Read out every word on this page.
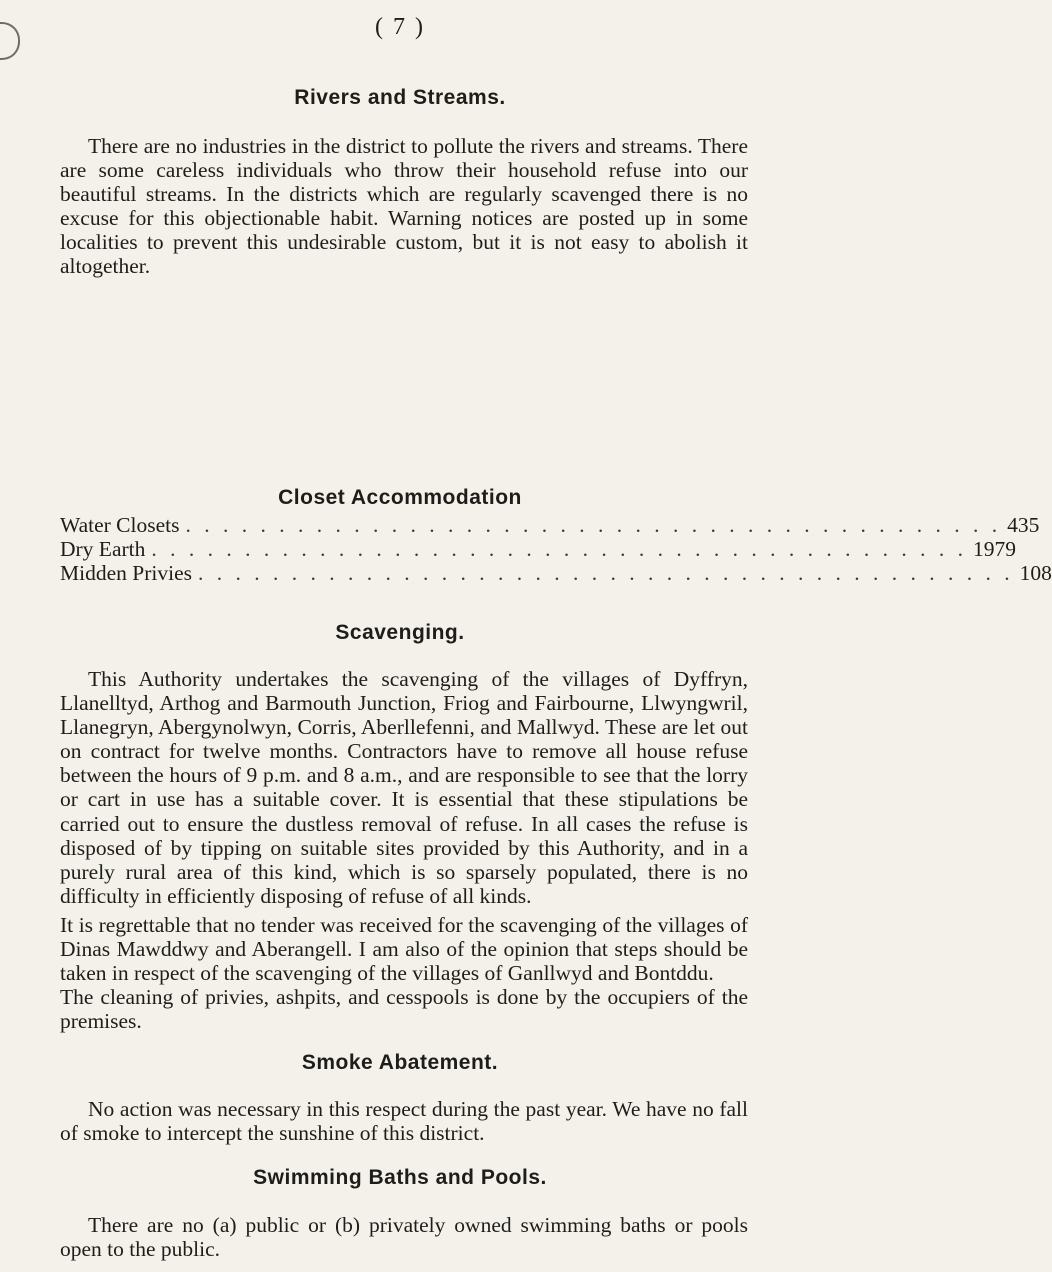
( 7 )
Rivers and Streams.

There are no industries in the district to pollute the rivers and streams. There are some careless individuals who throw their household refuse into our beautiful streams. In the districts which are regularly scavenged there is no excuse for this objectionable habit. Warning notices are posted up in some localities to prevent this undesirable custom, but it is not easy to abolish it altogether.

Closet Accommodation
Water Closets . . . . . . . . . . . . . . . . . . . . . . . . . . . . . . . . . . . . . . . . . . . . 435
Dry Earth . . . . . . . . . . . . . . . . . . . . . . . . . . . . . . . . . . . . . . . . . . . . 1979
Midden Privies . . . . . . . . . . . . . . . . . . . . . . . . . . . . . . . . . . . . . . . . . . . . 108
Scavenging.

This Authority undertakes the scavenging of the villages of Dyffryn, Llanelltyd, Arthog and Barmouth Junction, Friog and Fairbourne, Llwyngwril, Llanegryn, Abergynolwyn, Corris, Aberllefenni, and Mallwyd. These are let out on contract for twelve months. Contractors have to remove all house refuse between the hours of 9 p.m. and 8 a.m., and are responsible to see that the lorry or cart in use has a suitable cover. It is essential that these stipulations be carried out to ensure the dustless removal of refuse. In all cases the refuse is disposed of by tipping on suitable sites provided by this Authority, and in a purely rural area of this kind, which is so sparsely populated, there is no difficulty in efficiently disposing of refuse of all kinds.

It is regrettable that no tender was received for the scavenging of the villages of Dinas Mawddwy and Aberangell. I am also of the opinion that steps should be taken in respect of the scavenging of the villages of Ganllwyd and Bontddu.

The cleaning of privies, ashpits, and cesspools is done by the occupiers of the premises.

Smoke Abatement.

No action was necessary in this respect during the past year. We have no fall of smoke to intercept the sunshine of this district.

Swimming Baths and Pools.

There are no (a) public or (b) privately owned swimming baths or pools open to the public.
